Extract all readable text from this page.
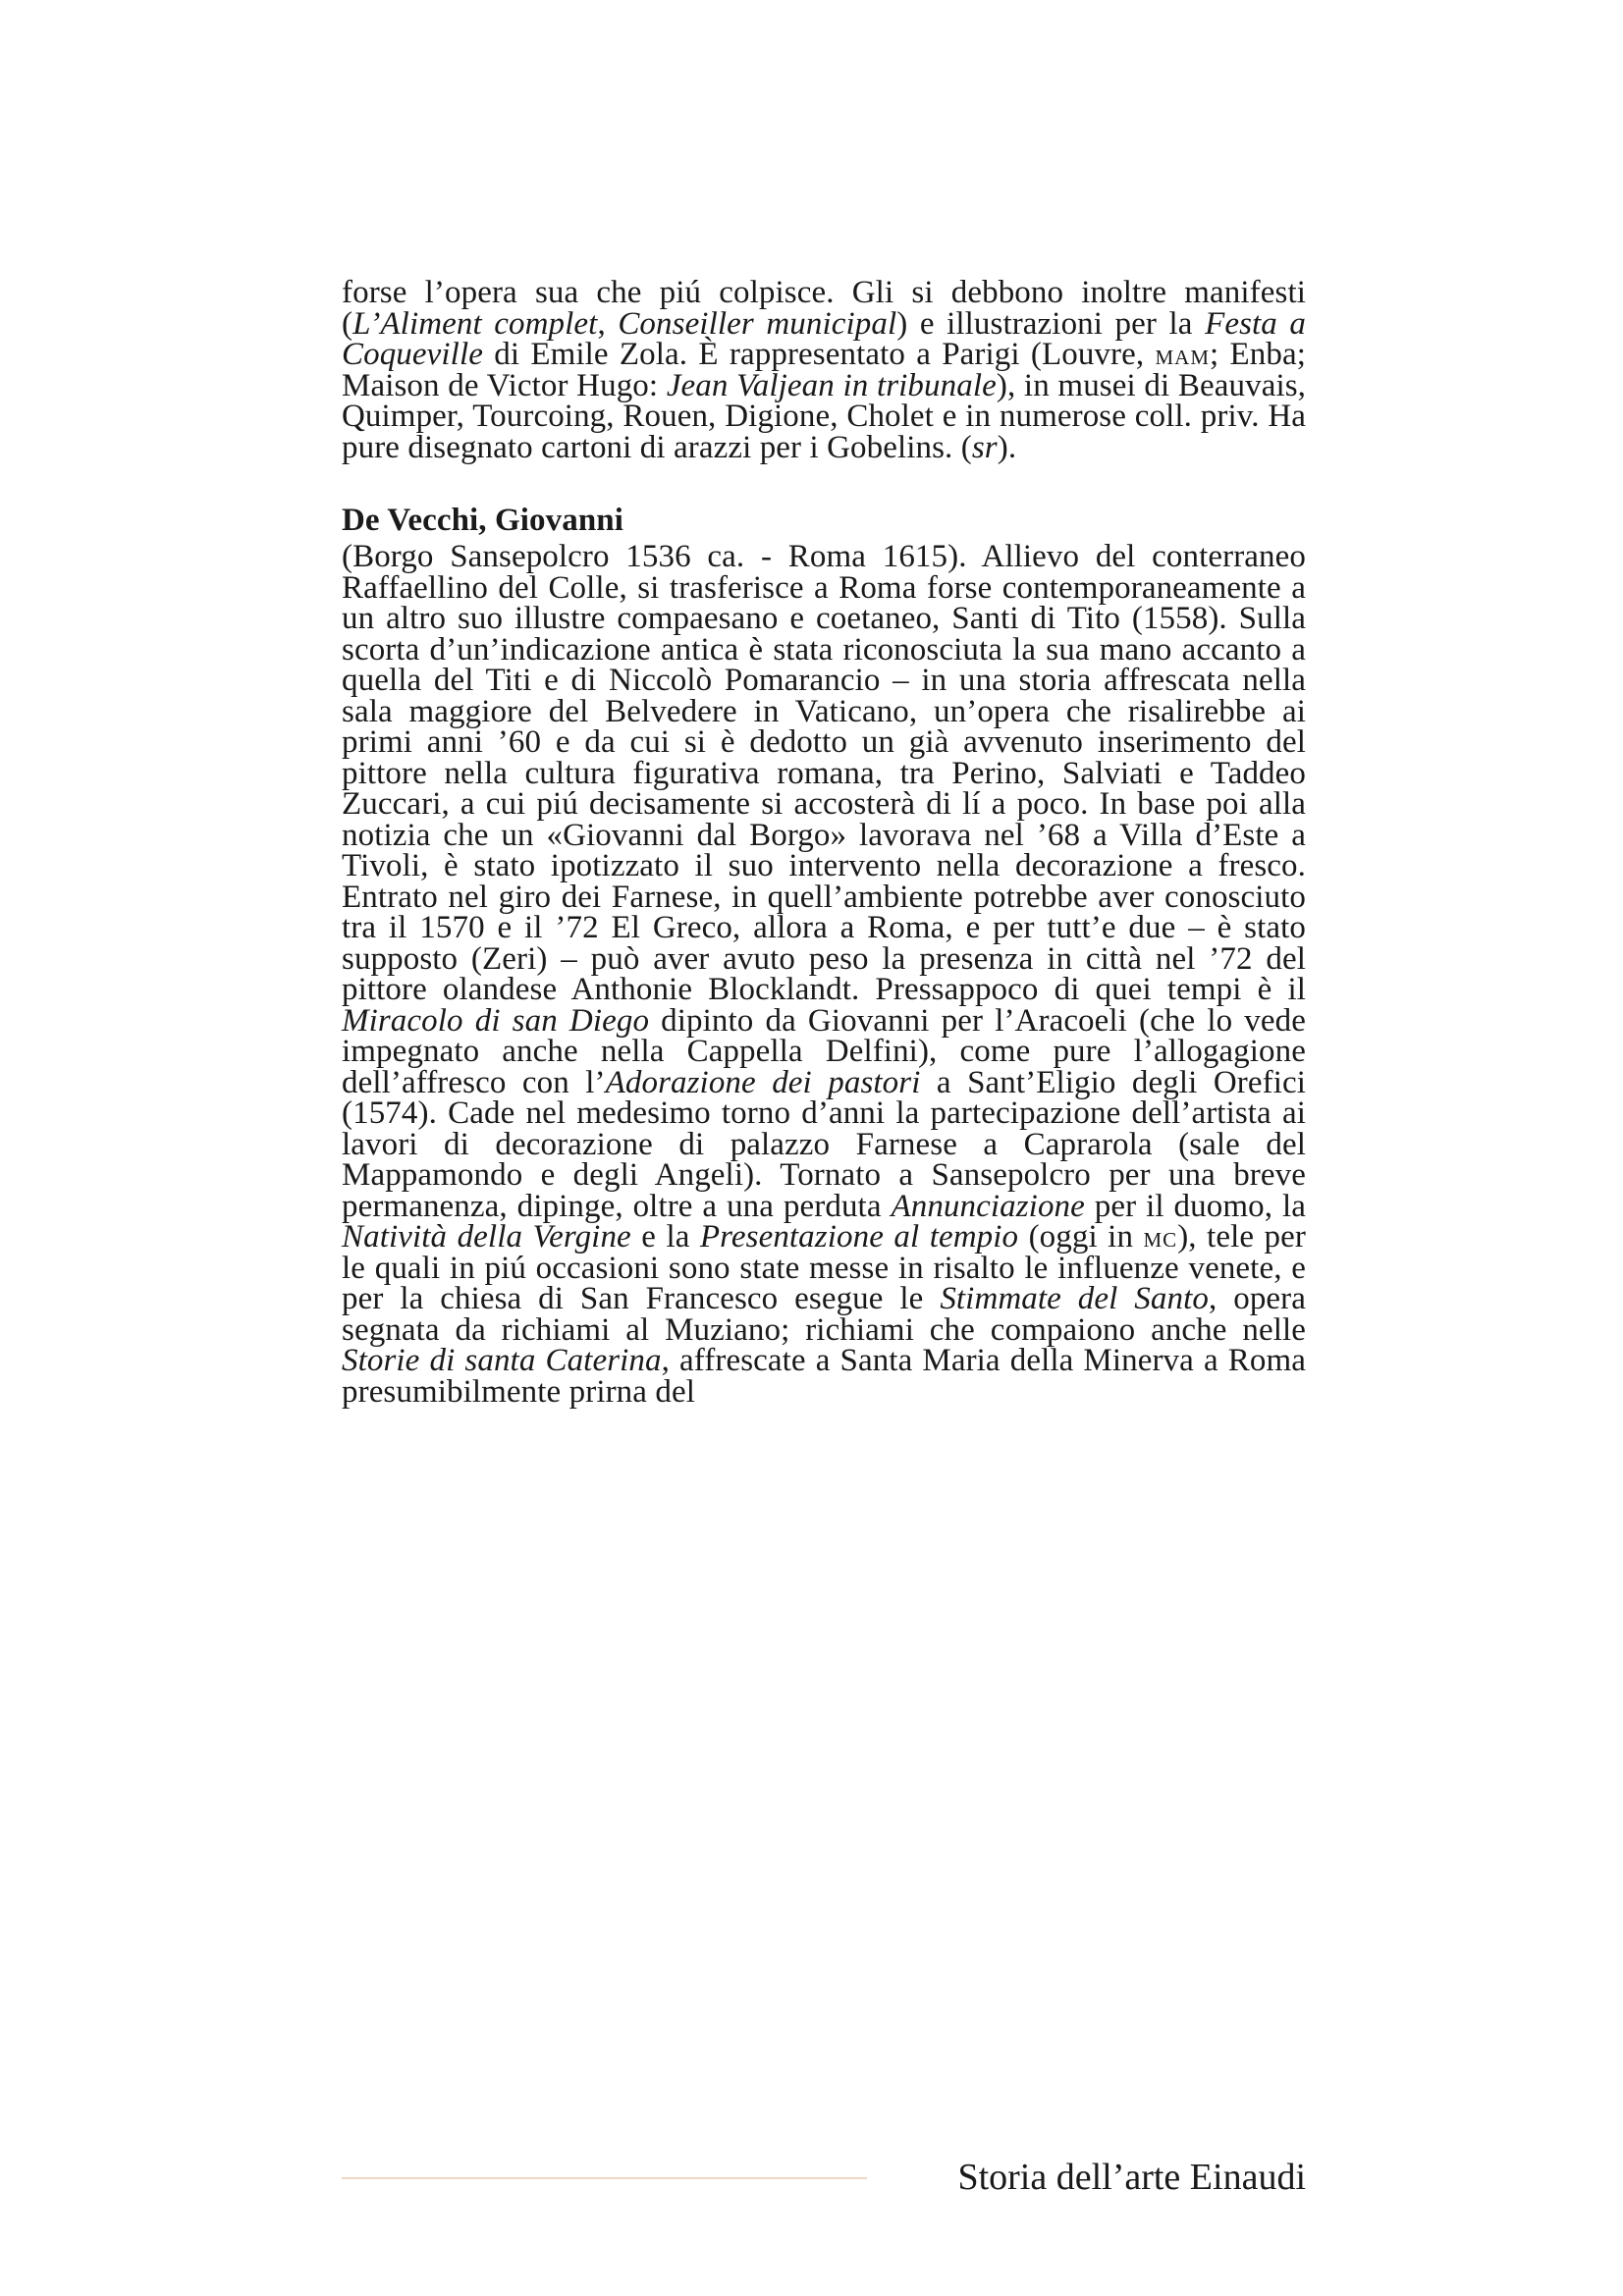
forse l’opera sua che piú colpisce. Gli si debbono inoltre manifesti (L’Aliment complet, Conseiller municipal) e illustrazioni per la Festa a Coqueville di Emile Zola. È rappresentato a Parigi (Louvre, mam; Enba; Maison de Victor Hugo: Jean Valjean in tribunale), in musei di Beauvais, Quimper, Tourcoing, Rouen, Digione, Cholet e in numerose coll. priv. Ha pure disegnato cartoni di arazzi per i Gobelins. (sr).

De Vecchi, Giovanni

(Borgo Sansepolcro 1536 ca. - Roma 1615). Allievo del conterraneo Raffaellino del Colle, si trasferisce a Roma forse contemporaneamente a un altro suo illustre compaesano e coetaneo, Santi di Tito (1558). Sulla scorta d’un’indicazione antica è stata riconosciuta la sua mano accanto a quella del Titi e di Niccolò Pomarancio – in una storia affrescata nella sala maggiore del Belvedere in Vaticano, un’opera che risalirebbe ai primi anni ’60 e da cui si è dedotto un già avvenuto inserimento del pittore nella cultura figurativa romana, tra Perino, Salviati e Taddeo Zuccari, a cui piú decisamente si accosterà di lí a poco. In base poi alla notizia che un «Giovanni dal Borgo» lavorava nel ’68 a Villa d’Este a Tivoli, è stato ipotizzato il suo intervento nella decorazione a fresco. Entrato nel giro dei Farnese, in quell’ambiente potrebbe aver conosciuto tra il 1570 e il ’72 El Greco, allora a Roma, e per tutt’e due – è stato supposto (Zeri) – può aver avuto peso la presenza in città nel ’72 del pittore olandese Anthonie Blocklandt. Pressappoco di quei tempi è il Miracolo di san Diego dipinto da Giovanni per l’Aracoeli (che lo vede impegnato anche nella Cappella Delfini), come pure l’allogagione dell’affresco con l’Adorazione dei pastori a Sant’Eligio degli Orefici (1574). Cade nel medesimo torno d’anni la partecipazione dell’artista ai lavori di decorazione di palazzo Farnese a Caprarola (sale del Mappamondo e degli Angeli). Tornato a Sansepolcro per una breve permanenza, dipinge, oltre a una perduta Annunciazione per il duomo, la Natività della Vergine e la Presentazione al tempio (oggi in mc), tele per le quali in piú occasioni sono state messe in risalto le influenze venete, e per la chiesa di San Francesco esegue le Stimmate del Santo, opera segnata da richiami al Muziano; richiami che compaiono anche nelle Storie di santa Caterina, affrescate a Santa Maria della Minerva a Roma presumibilmente prirna del

Storia dell’arte Einaudi
